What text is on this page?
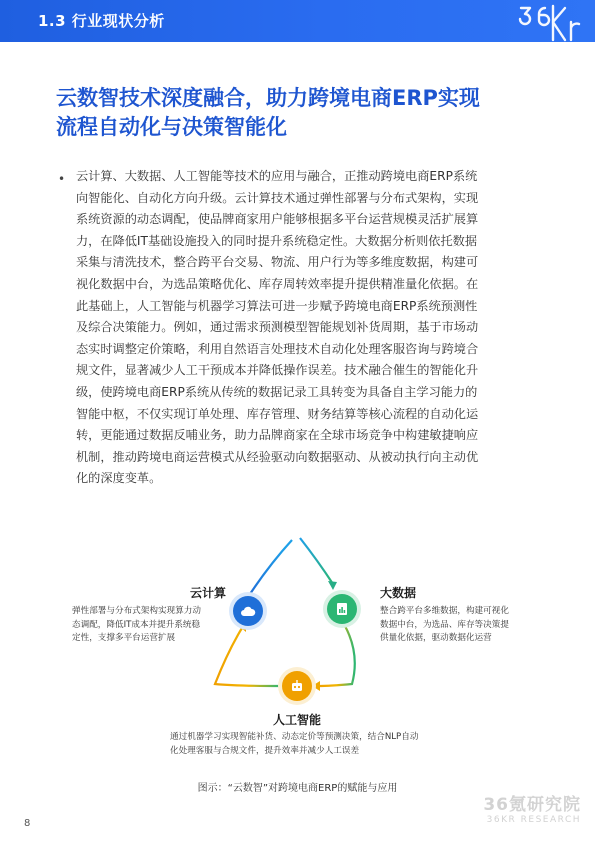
1.3 行业现状分析
云数智技术深度融合，助力跨境电商ERP实现
流程自动化与决策智能化
• 云计算、大数据、人工智能等技术的应用与融合，正推动跨境电商ERP系统
向智能化、自动化方向升级。云计算技术通过弹性部署与分布式架构，实现
系统资源的动态调配，使品牌商家用户能够根据多平台运营规模灵活扩展算
力，在降低IT基础设施投入的同时提升系统稳定性。大数据分析则依托数据
采集与清洗技术，整合跨平台交易、物流、用户行为等多维度数据，构建可
视化数据中台，为选品策略优化、库存周转效率提升提供精准量化依据。在
此基础上，人工智能与机器学习算法可进一步赋予跨境电商ERP系统预测性
及综合决策能力。例如，通过需求预测模型智能规划补货周期，基于市场动
态实时调整定价策略，利用自然语言处理技术自动化处理客服咨询与跨境合
规文件，显著减少人工干预成本并降低操作误差。技术融合催生的智能化升
级，使跨境电商ERP系统从传统的数据记录工具转变为具备自主学习能力的
智能中枢，不仅实现订单处理、库存管理、财务结算等核心流程的自动化运
转，更能通过数据反哺业务，助力品牌商家在全球市场竞争中构建敏捷响应
机制，推动跨境电商运营模式从经验驱动向数据驱动、从被动执行向主动优
化的深度变革。
云计算
弹性部署与分布式架构实现算力动
态调配，降低IT成本并提升系统稳
定性，支撑多平台运营扩展
大数据
整合跨平台多维数据，构建可视化
数据中台，为选品、库存等决策提
供量化依据，驱动数据化运营
人工智能
通过机器学习实现智能补货、动态定价等预测决策，结合NLP自动
化处理客服与合规文件，提升效率并减少人工误差
图示：“云数智”对跨境电商ERP的赋能与应用
36氪研究院
36KR RESEARCH
8
